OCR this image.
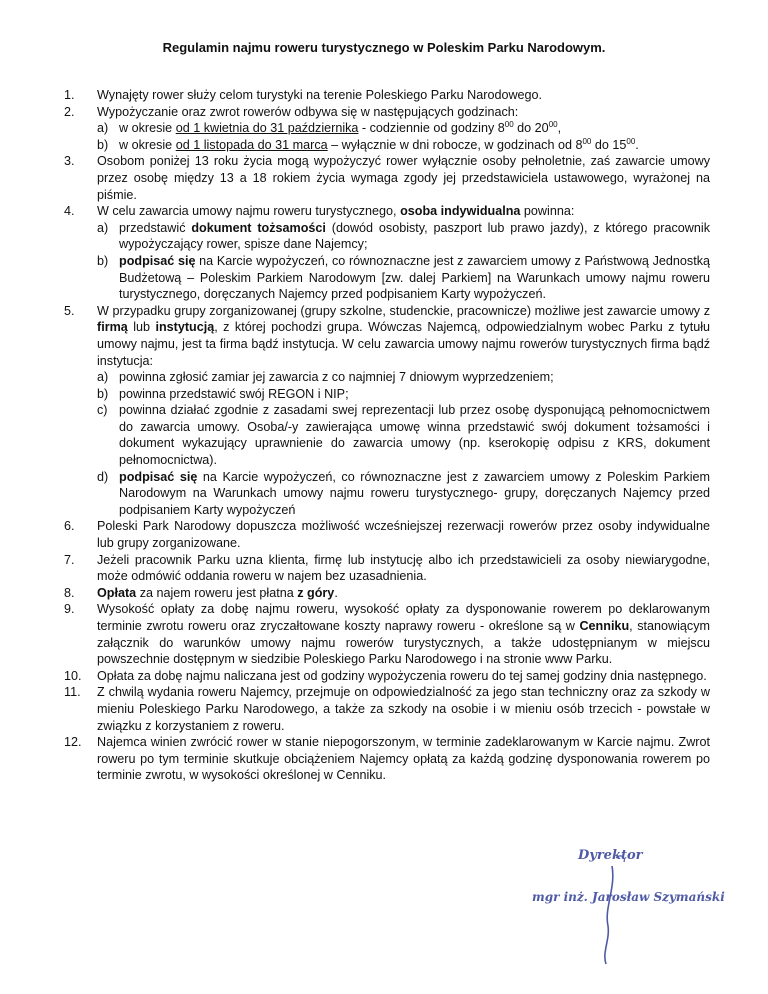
Regulamin najmu roweru turystycznego w Poleskim Parku Narodowym.
1.	Wynajęty rower służy celom turystyki na terenie Poleskiego Parku Narodowego.
2.	Wypożyczanie oraz zwrot rowerów odbywa się w następujących godzinach:
a) w okresie od 1 kwietnia do 31 października - codziennie od godziny $8^{00}$ do $20^{00}$,
b) w okresie od 1 listopada do 31 marca – wyłącznie w dni robocze, w godzinach od $8^{00}$ do $15^{00}$.
3.	Osobom poniżej 13 roku życia mogą wypożyczyć rower wyłącznie osoby pełnoletnie, zaś zawarcie umowy przez osobę między 13 a 18 rokiem życia wymaga zgody jej przedstawiciela ustawowego, wyrażonej na piśmie.
4.	W celu zawarcia umowy najmu roweru turystycznego, osoba indywidualna powinna:
a) przedstawić dokument tożsamości (dowód osobisty, paszport lub prawo jazdy), z którego pracownik wypożyczający rower, spisze dane Najemcy;
b) podpisać się na Karcie wypożyczeń, co równoznaczne jest z zawarciem umowy z Państwową Jednostką Budżetową – Poleskim Parkiem Narodowym [zw. dalej Parkiem] na Warunkach umowy najmu roweru turystycznego, doręczanych Najemcy przed podpisaniem Karty wypożyczeń.
5.	W przypadku grupy zorganizowanej (grupy szkolne, studenckie, pracownicze) możliwe jest zawarcie umowy z firmą lub instytucją, z której pochodzi grupa. Wówczas Najemcą, odpowiedzialnym wobec Parku z tytułu umowy najmu, jest ta firma bądź instytucja. W celu zawarcia umowy najmu rowerów turystycznych firma bądź instytucja:
a) powinna zgłosić zamiar jej zawarcia z co najmniej 7 dniowym wyprzedzeniem;
b) powinna przedstawić swój REGON i NIP;
c) powinna działać zgodnie z zasadami swej reprezentacji lub przez osobę dysponującą pełnomocnictwem do zawarcia umowy. Osoba/-y zawierająca umowę winna przedstawić swój dokument tożsamości i dokument wykazujący uprawnienie do zawarcia umowy (np. kserokopię odpisu z KRS, dokument pełnomocnictwa).
d) podpisać się na Karcie wypożyczeń, co równoznaczne jest z zawarciem umowy z Poleskim Parkiem Narodowym na Warunkach umowy najmu roweru turystycznego- grupy, doręczanych Najemcy przed podpisaniem Karty wypożyczeń
6.	Poleski Park Narodowy dopuszcza możliwość wcześniejszej rezerwacji rowerów przez osoby indywidualne lub grupy zorganizowane.
7.	Jeżeli pracownik Parku uzna klienta, firmę lub instytucję albo ich przedstawicieli za osoby niewiarygodne, może odmówić oddania roweru w najem bez uzasadnienia.
8.	Opłata za najem roweru jest płatna z góry.
9.	Wysokość opłaty za dobę najmu roweru, wysokość opłaty za dysponowanie rowerem po deklarowanym terminie zwrotu roweru oraz zryczałtowane koszty naprawy roweru - określone są w Cenniku, stanowiącym załącznik do warunków umowy najmu rowerów turystycznych, a także udostępnianym w miejscu powszechnie dostępnym w siedzibie Poleskiego Parku Narodowego i na stronie www Parku.
10.	Opłata za dobę najmu naliczana jest od godziny wypożyczenia roweru do tej samej godziny dnia następnego.
11.	Z chwilą wydania roweru Najemcy, przejmuje on odpowiedzialność za jego stan techniczny oraz za szkody w mieniu Poleskiego Parku Narodowego, a także za szkody na osobie i w mieniu osób trzecich - powstałe w związku z korzystaniem z roweru.
12.	Najemca winien zwrócić rower w stanie niepogorszonym, w terminie zadeklarowanym w Karcie najmu. Zwrot roweru po tym terminie skutkuje obciążeniem Najemcy opłatą za każdą godzinę dysponowania rowerem po terminie zwrotu, w wysokości określonej w Cenniku.
Dyrektor
mgr inż. Jarosław Szymański
